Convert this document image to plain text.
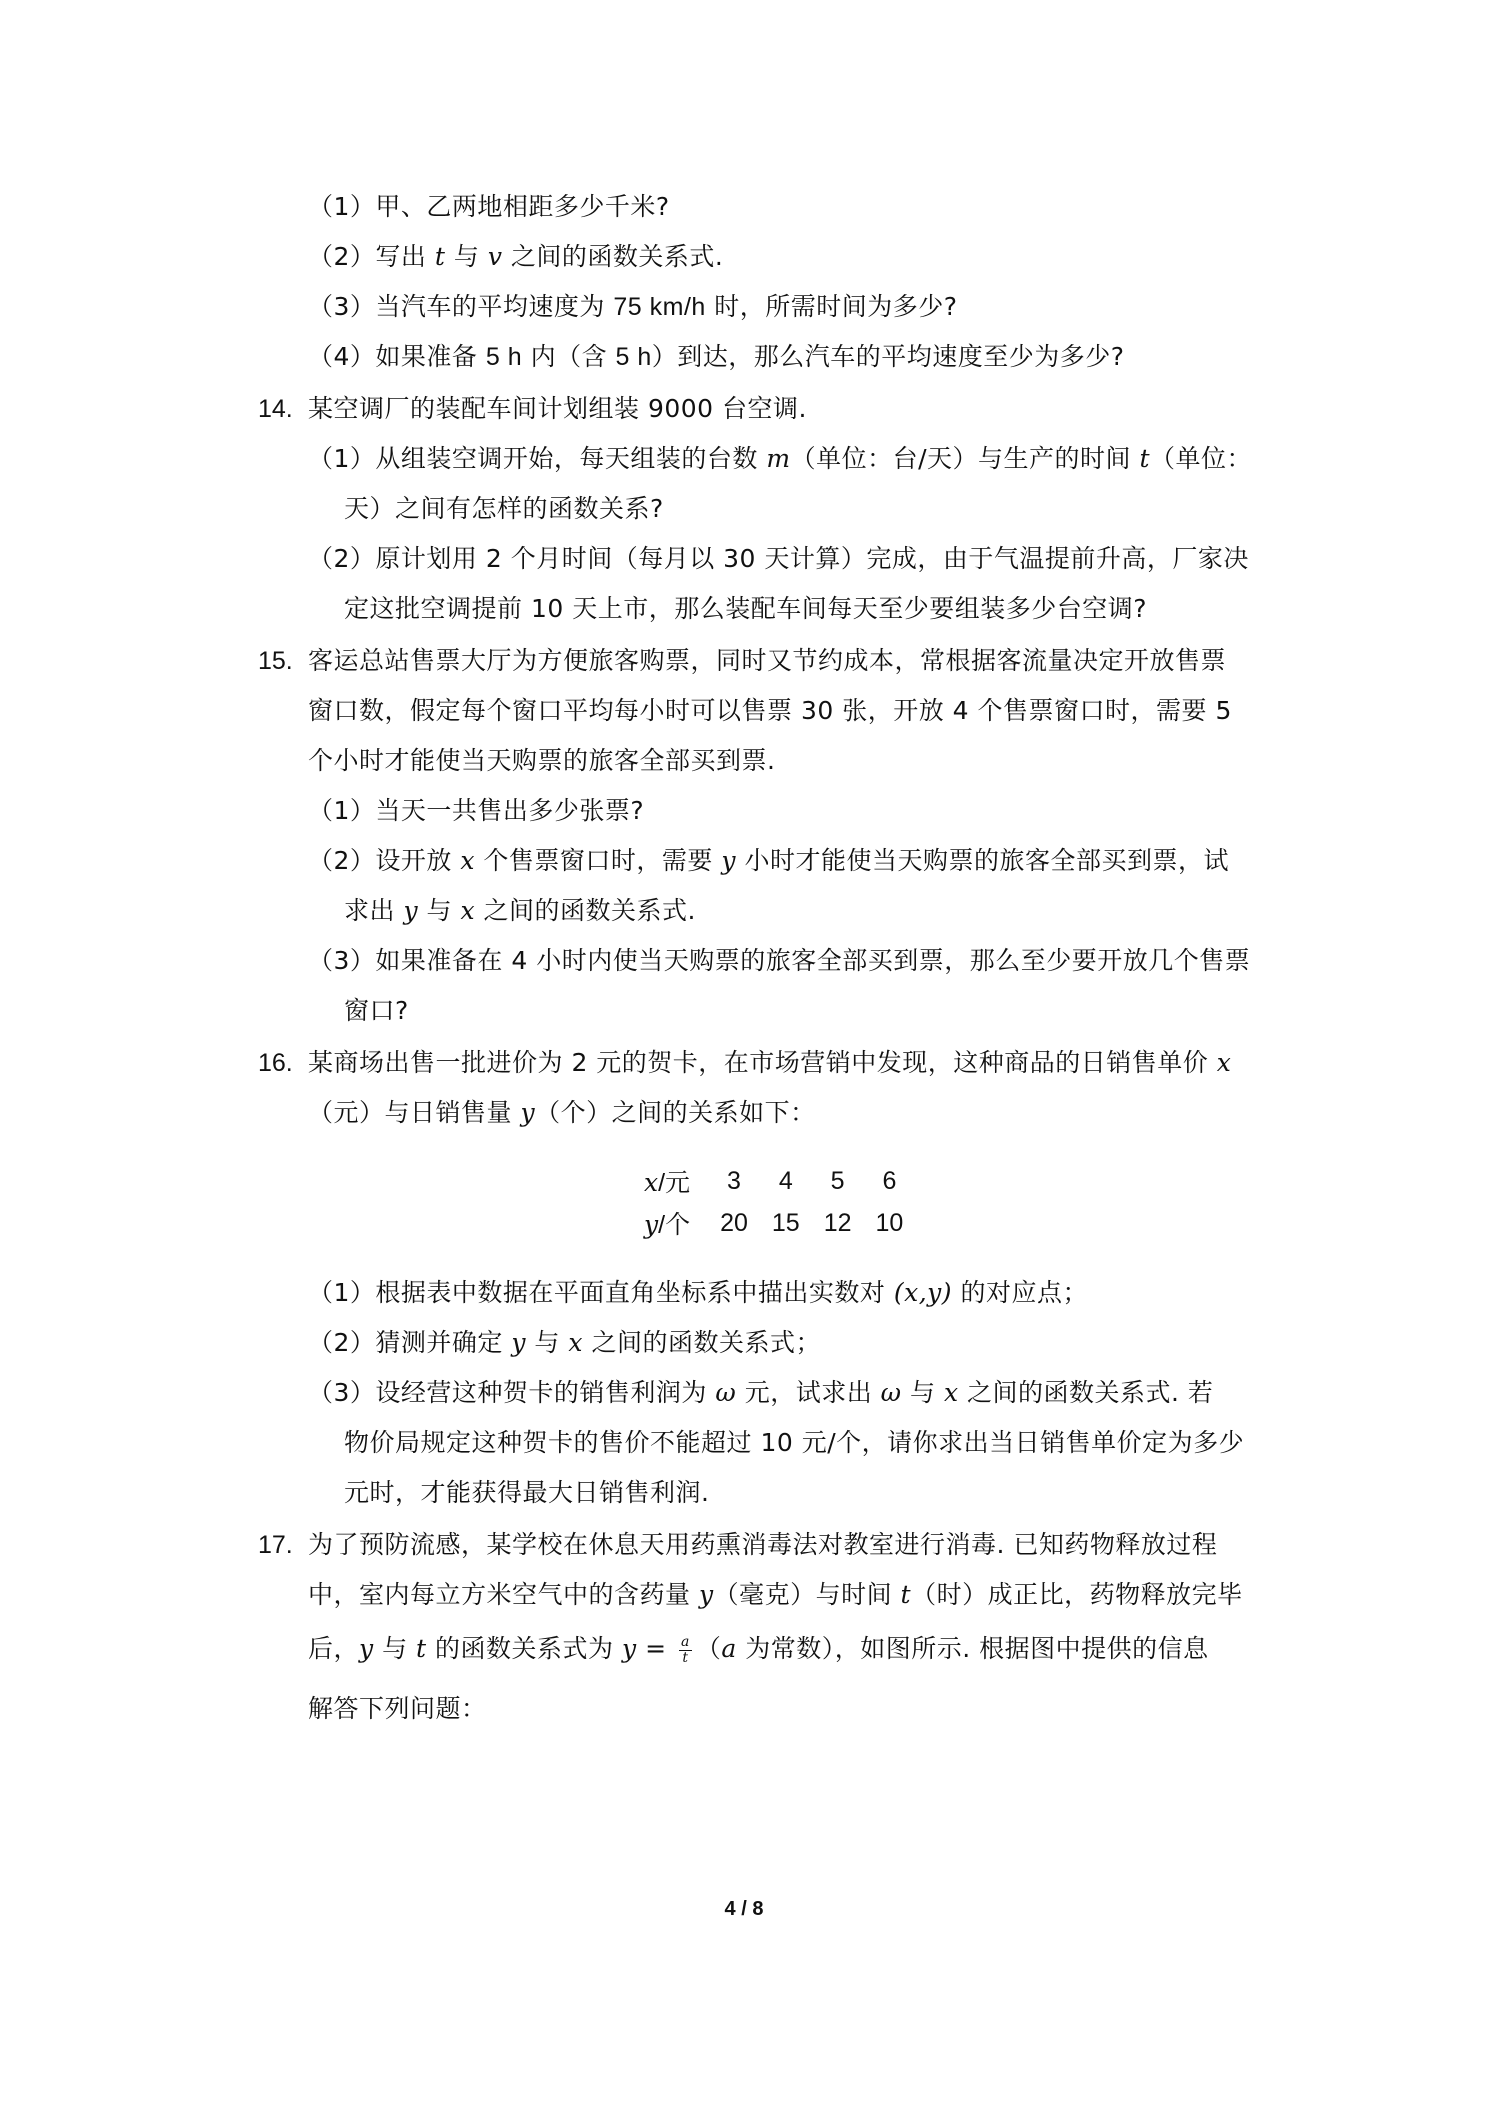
（1）甲、乙两地相距多少千米?
（2）写出 t 与 v 之间的函数关系式.
（3）当汽车的平均速度为 75 km/h 时，所需时间为多少?
（4）如果准备 5 h 内（含 5 h）到达，那么汽车的平均速度至少为多少?
14. 某空调厂的装配车间计划组装 9000 台空调.
（1）从组装空调开始，每天组装的台数 m（单位：台/天）与生产的时间 t（单位：
天）之间有怎样的函数关系?
（2）原计划用 2 个月时间（每月以 30 天计算）完成，由于气温提前升高，厂家决
定这批空调提前 10 天上市，那么装配车间每天至少要组装多少台空调?
15. 客运总站售票大厅为方便旅客购票，同时又节约成本，常根据客流量决定开放售票
窗口数，假定每个窗口平均每小时可以售票 30 张，开放 4 个售票窗口时，需要 5
个小时才能使当天购票的旅客全部买到票.
（1）当天一共售出多少张票?
（2）设开放 x 个售票窗口时，需要 y 小时才能使当天购票的旅客全部买到票，试
求出 y 与 x 之间的函数关系式.
（3）如果准备在 4 小时内使当天购票的旅客全部买到票，那么至少要开放几个售票
窗口?
16. 某商场出售一批进价为 2 元的贺卡，在市场营销中发现，这种商品的日销售单价 x
（元）与日销售量 y（个）之间的关系如下：
x/元	3	4	5	6
y/个	20	15	12	10
（1）根据表中数据在平面直角坐标系中描出实数对 (x,y) 的对应点；
（2）猜测并确定 y 与 x 之间的函数关系式；
（3）设经营这种贺卡的销售利润为 ω 元，试求出 ω 与 x 之间的函数关系式. 若
物价局规定这种贺卡的售价不能超过 10 元/个，请你求出当日销售单价定为多少
元时，才能获得最大日销售利润.
17. 为了预防流感，某学校在休息天用药熏消毒法对教室进行消毒. 已知药物释放过程
中，室内每立方米空气中的含药量 y（毫克）与时间 t（时）成正比，药物释放完毕
后，y 与 t 的函数关系式为 $y = \frac{a}{t} (a$ 为常数），如图所示. 根据图中提供的信息
解答下列问题：
4 / 8
